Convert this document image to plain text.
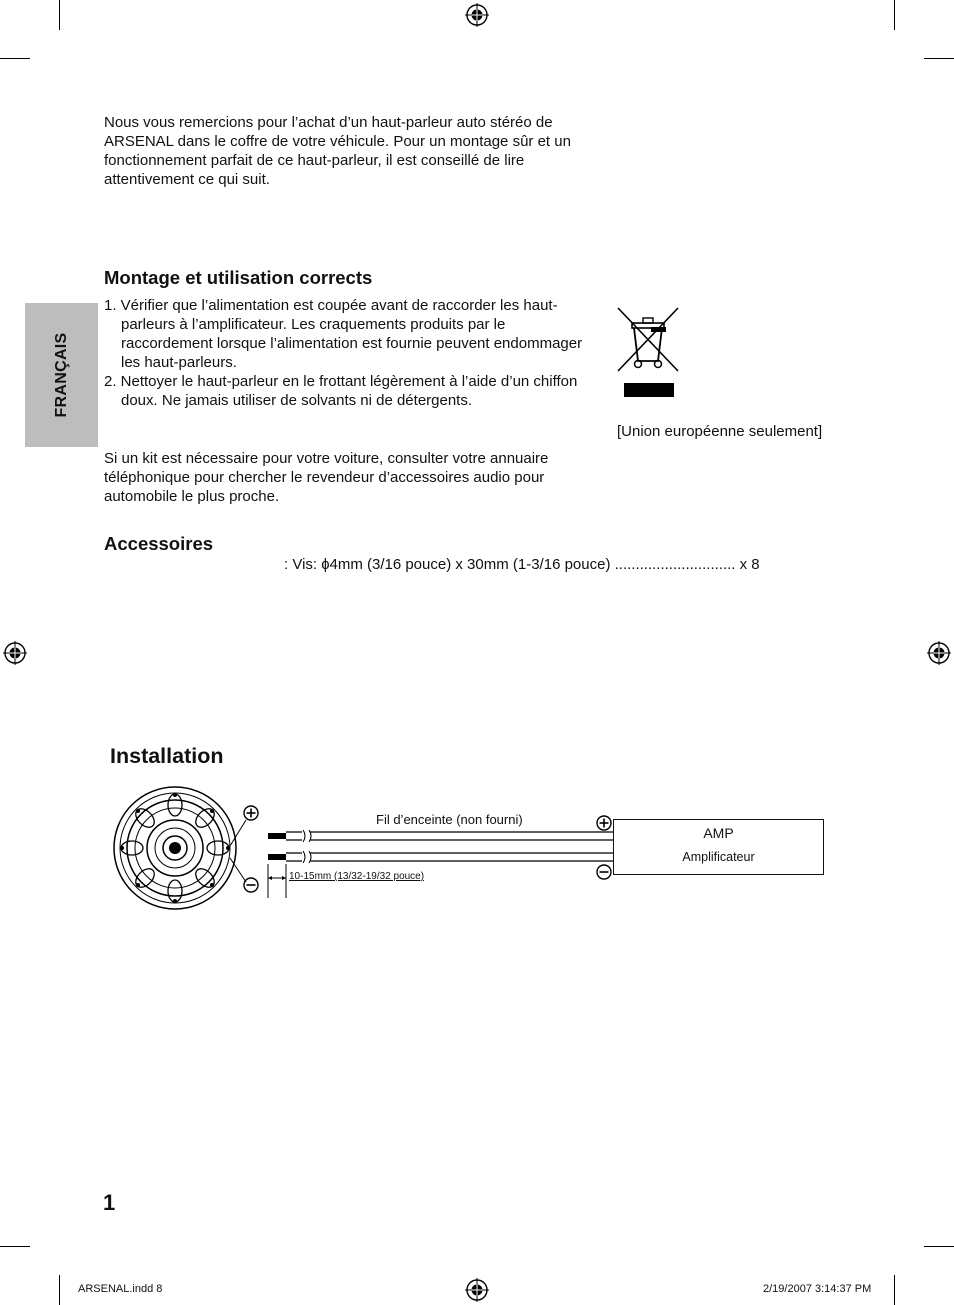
Nous vous remercions pour l’achat d’un haut-parleur auto stéréo de ARSENAL dans le coffre de votre véhicule. Pour un montage sûr et un fonctionnement parfait de ce haut-parleur, il est conseillé de lire attentivement ce qui suit.
FRANÇAIS
Montage et utilisation corrects
1. Vérifier que l’alimentation est coupée avant de raccorder les haut-parleurs à l’amplificateur. Les craquements produits par le raccordement lorsque l’alimentation est fournie peuvent endommager les haut-parleurs.
2. Nettoyer le haut-parleur en le frottant légèrement à l’aide d’un chiffon doux. Ne jamais utiliser de solvants ni de détergents.
[Union européenne seulement]
Si un kit est nécessaire pour votre voiture, consulter votre annuaire téléphonique pour chercher le revendeur d’accessoires audio pour automobile le plus proche.
Accessoires
: Vis: ɸ4mm (3/16 pouce) x 30mm (1-3/16 pouce) ............................. x 8
Installation
10-15mm (13/32-19/32 pouce)
Fil d’enceinte (non fourni)
AMP
Amplificateur
1
ARSENAL.indd 8	2/19/2007 3:14:37 PM
